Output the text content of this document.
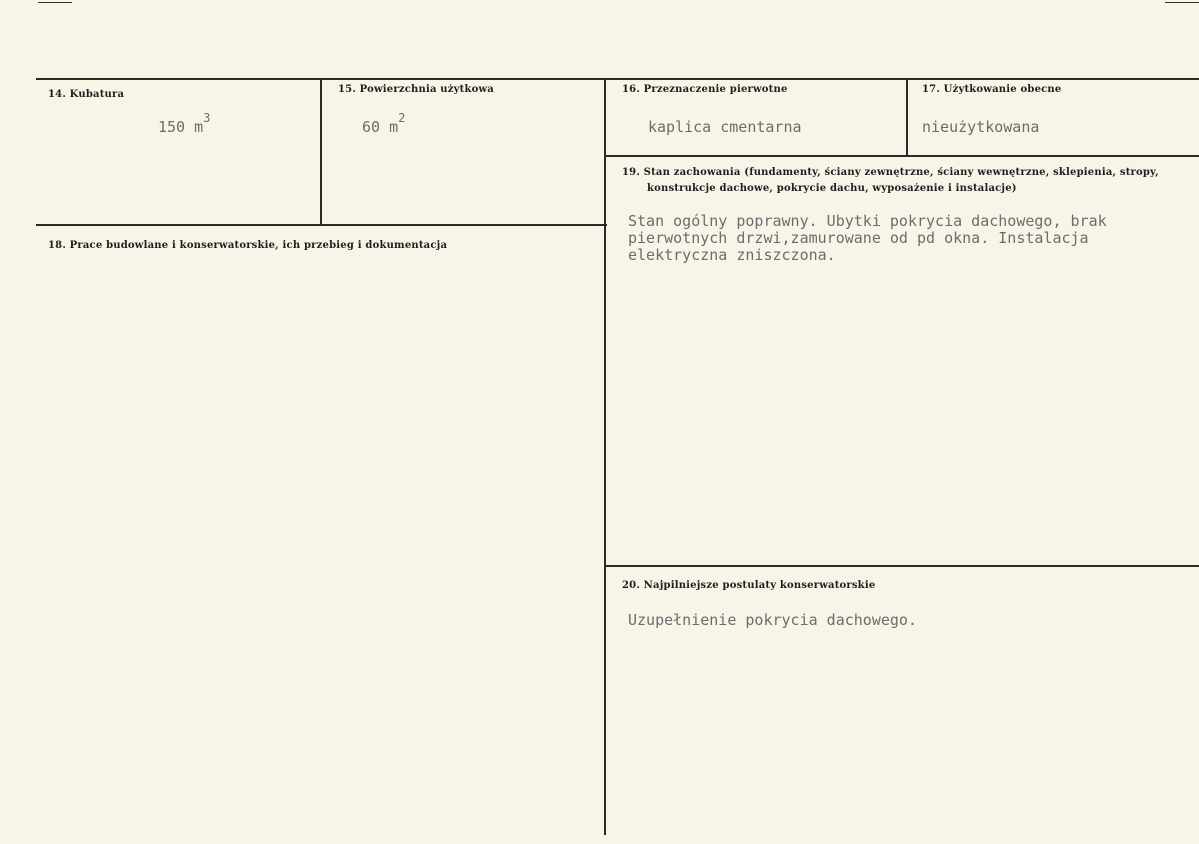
14. Kubatura
150 $m^3$
15. Powierzchnia użytkowa
60 $m^2$
16. Przeznaczenie pierwotne
kaplica cmentarna
17. Użytkowanie obecne
nieużytkowana
18. Prace budowlane i konserwatorskie, ich przebieg i dokumentacja
19. Stan zachowania (fundamenty, ściany zewnętrzne, ściany wewnętrzne, sklepienia, stropy,
konstrukcje dachowe, pokrycie dachu, wyposażenie i instalacje)
Stan ogólny poprawny. Ubytki pokrycia dachowego, brak
pierwotnych drzwi,zamurowane od pd okna. Instalacja
elektryczna zniszczona.
20. Najpilniejsze postulaty konserwatorskie
Uzupełnienie pokrycia dachowego.
